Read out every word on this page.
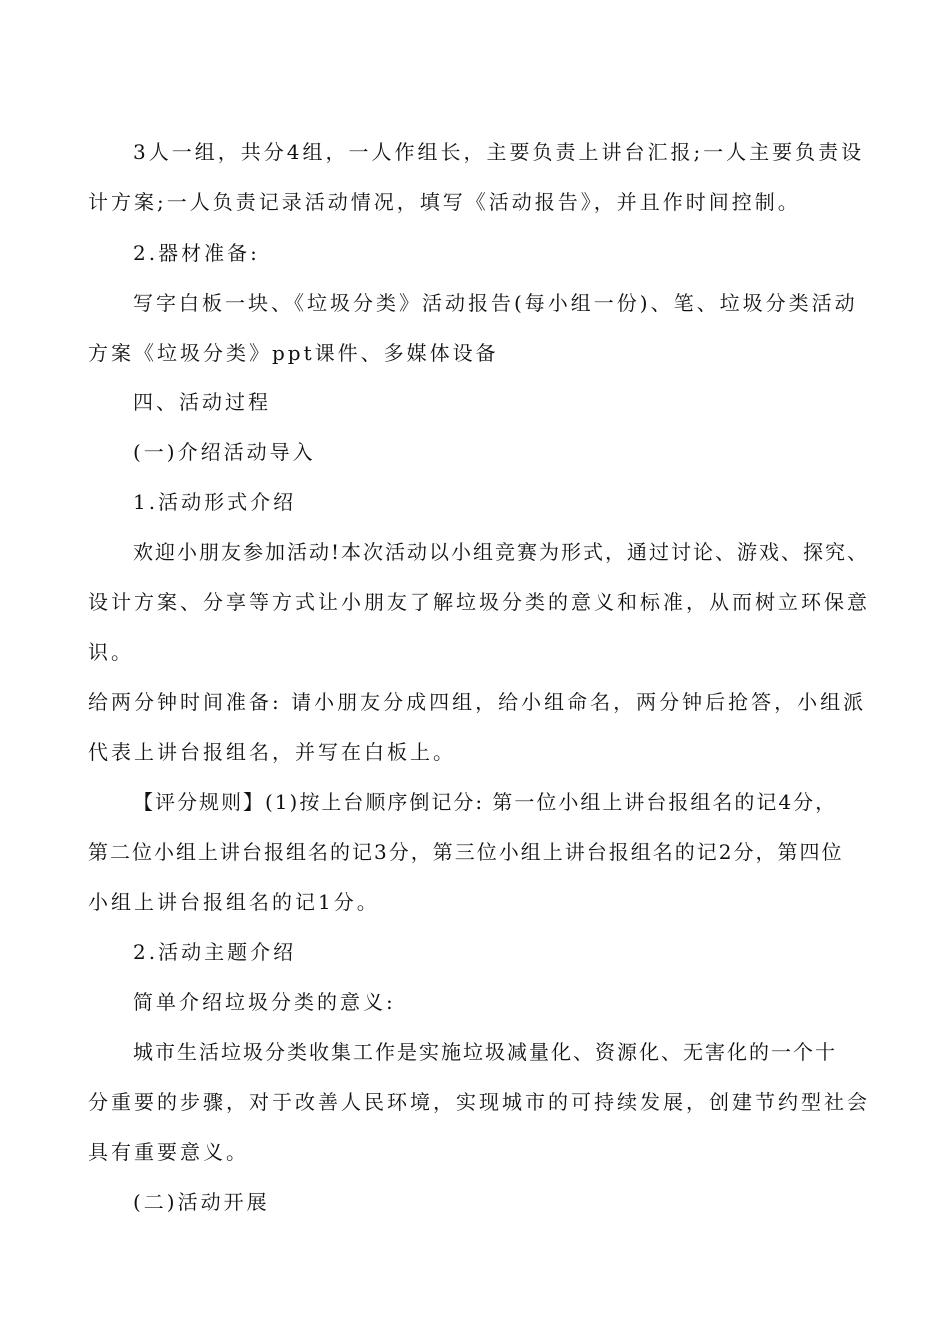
3人一组，共分4组，一人作组长，主要负责上讲台汇报;一人主要负责设
计方案;一人负责记录活动情况，填写《活动报告》，并且作时间控制。
2.器材准备:
写字白板一块、《垃圾分类》活动报告(每小组一份)、笔、垃圾分类活动
方案《垃圾分类》ppt课件、多媒体设备
四、活动过程
(一)介绍活动导入
1.活动形式介绍
欢迎小朋友参加活动!本次活动以小组竞赛为形式，通过讨论、游戏、探究、
设计方案、分享等方式让小朋友了解垃圾分类的意义和标准，从而树立环保意
识。
给两分钟时间准备: 请小朋友分成四组，给小组命名，两分钟后抢答，小组派
代表上讲台报组名，并写在白板上。
【评分规则】(1)按上台顺序倒记分: 第一位小组上讲台报组名的记4分，
第二位小组上讲台报组名的记3分，第三位小组上讲台报组名的记2分，第四位
小组上讲台报组名的记1分。
2.活动主题介绍
简单介绍垃圾分类的意义:
城市生活垃圾分类收集工作是实施垃圾减量化、资源化、无害化的一个十
分重要的步骤，对于改善人民环境，实现城市的可持续发展，创建节约型社会
具有重要意义。
(二)活动开展
